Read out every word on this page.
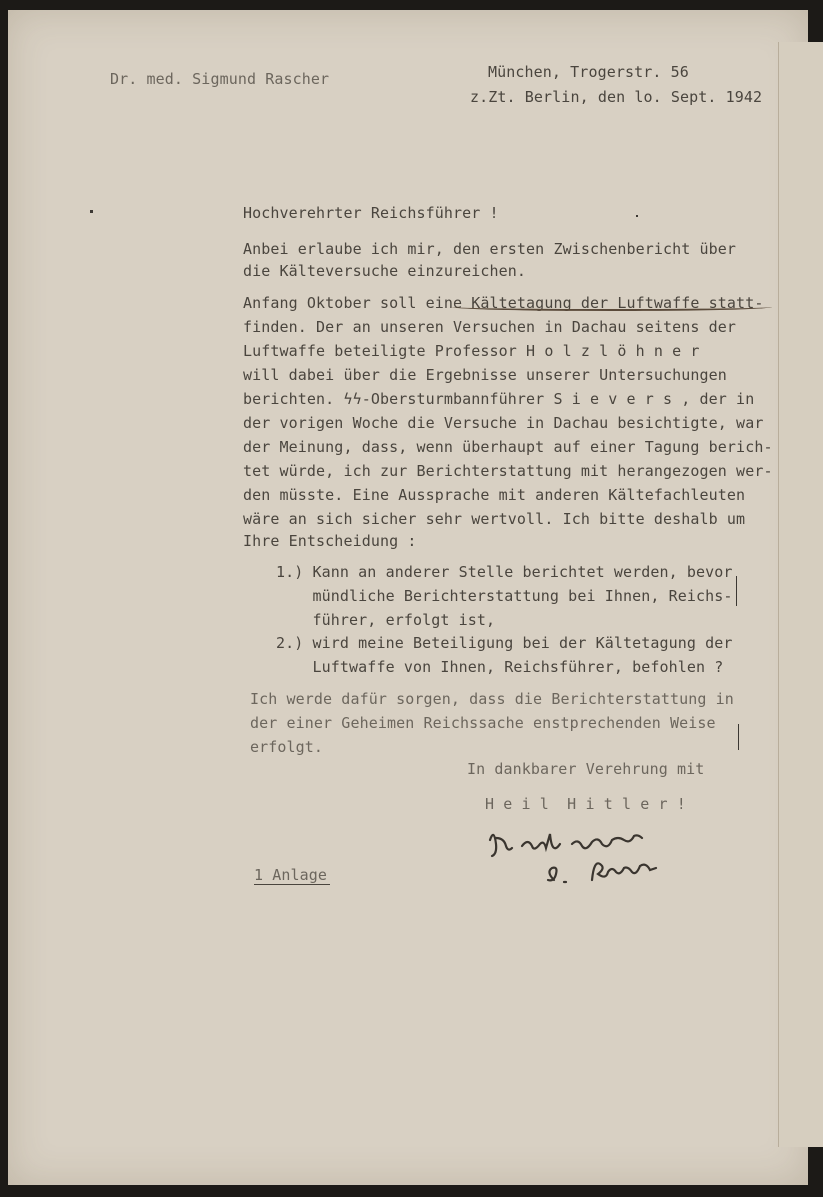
Dr. med. Sigmund Rascher	München, Trogerstr. 56

z.Zt. Berlin, den lo. Sept. 1942

Hochverehrter Reichsführer !

Anbei erlaube ich mir, den ersten Zwischenbericht über

die Kälteversuche einzureichen.

Anfang Oktober soll eine Kältetagung der Luftwaffe statt-

finden. Der an unseren Versuchen in Dachau seitens der

Luftwaffe beteiligte Professor H o l z l ö h n e r

will dabei über die Ergebnisse unserer Untersuchungen

berichten. ϟϟ-Obersturmbannführer S i e v e r s , der in

der vorigen Woche die Versuche in Dachau besichtigte, war

der Meinung, dass, wenn überhaupt auf einer Tagung berich-

tet würde, ich zur Berichterstattung mit herangezogen wer-

den müsste. Eine Aussprache mit anderen Kältefachleuten

wäre an sich sicher sehr wertvoll. Ich bitte deshalb um

Ihre Entscheidung :

1.) Kann an anderer Stelle berichtet werden, bevor

mündliche Berichterstattung bei Ihnen, Reichs-

führer, erfolgt ist,

2.) wird meine Beteiligung bei der Kältetagung der

Luftwaffe von Ihnen, Reichsführer, befohlen ?

Ich werde dafür sorgen, dass die Berichterstattung in

der einer Geheimen Reichssache enstprechenden Weise

erfolgt.

In dankbarer Verehrung mit

H e i l  H i t l e r !

1 Anlage
